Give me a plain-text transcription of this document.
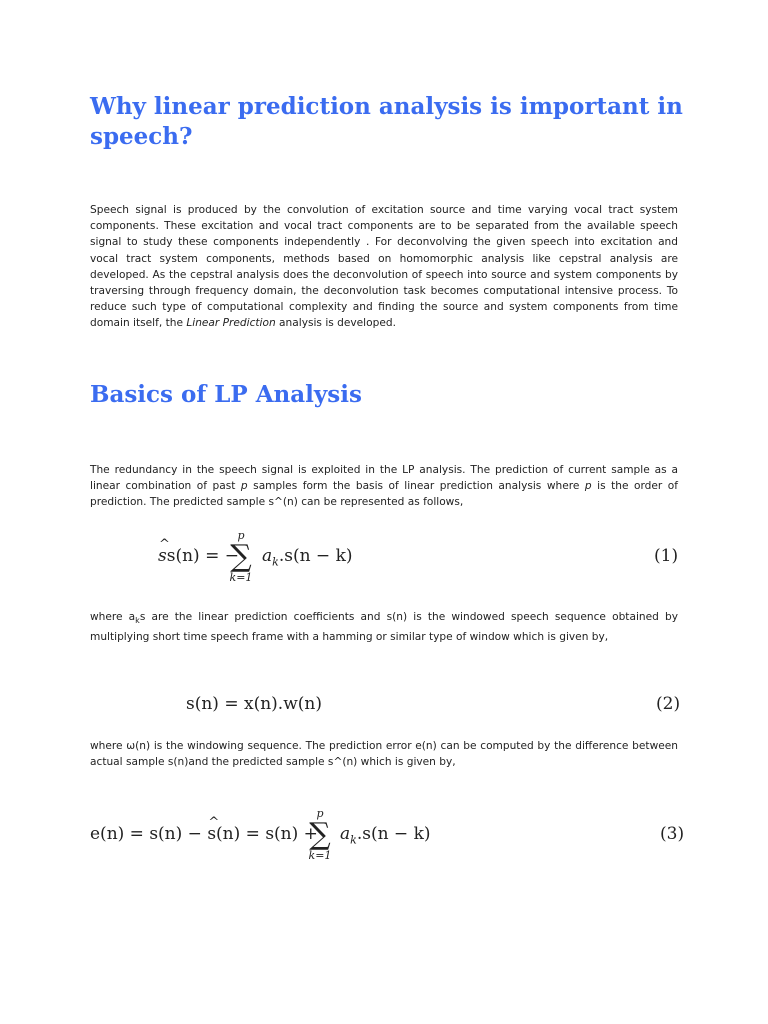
Why linear prediction analysis is important in speech?

Speech signal is produced by the convolution of excitation source and time varying vocal tract system components. These excitation and vocal tract components are to be separated from the available speech signal to study these components independently . For deconvolving the given speech into excitation and vocal tract system components, methods based on homomorphic analysis like cepstral analysis are developed. As the cepstral analysis does the deconvolution of speech into source and system components by traversing through frequency domain, the deconvolution task becomes computational intensive process. To reduce such type of computational complexity and finding the source and system components from time domain itself, the Linear Prediction analysis is developed.

Basics of LP Analysis

The redundancy in the speech signal is exploited in the LP analysis. The prediction of current sample as a linear combination of past p samples form the basis of linear prediction analysis where p is the order of prediction. The predicted sample s^(n) can be represented as follows,

^ ss(n) = −
p
∑
k=1
$a_k.s(n - k)$	(1)

where $a_ks$ are the linear prediction coefficients and s(n) is the windowed speech sequence obtained by multiplying short time speech frame with a hamming or similar type of window which is given by,

s(n) = x(n).w(n)	(2)

where ω(n) is the windowing sequence. The prediction error e(n) can be computed by the difference between actual sample s(n)and the predicted sample s^(n) which is given by,

e(n) = s(n) − s(n) = s(n) +
p
∑
k=1
$a_k.s(n - k)$	(3)
